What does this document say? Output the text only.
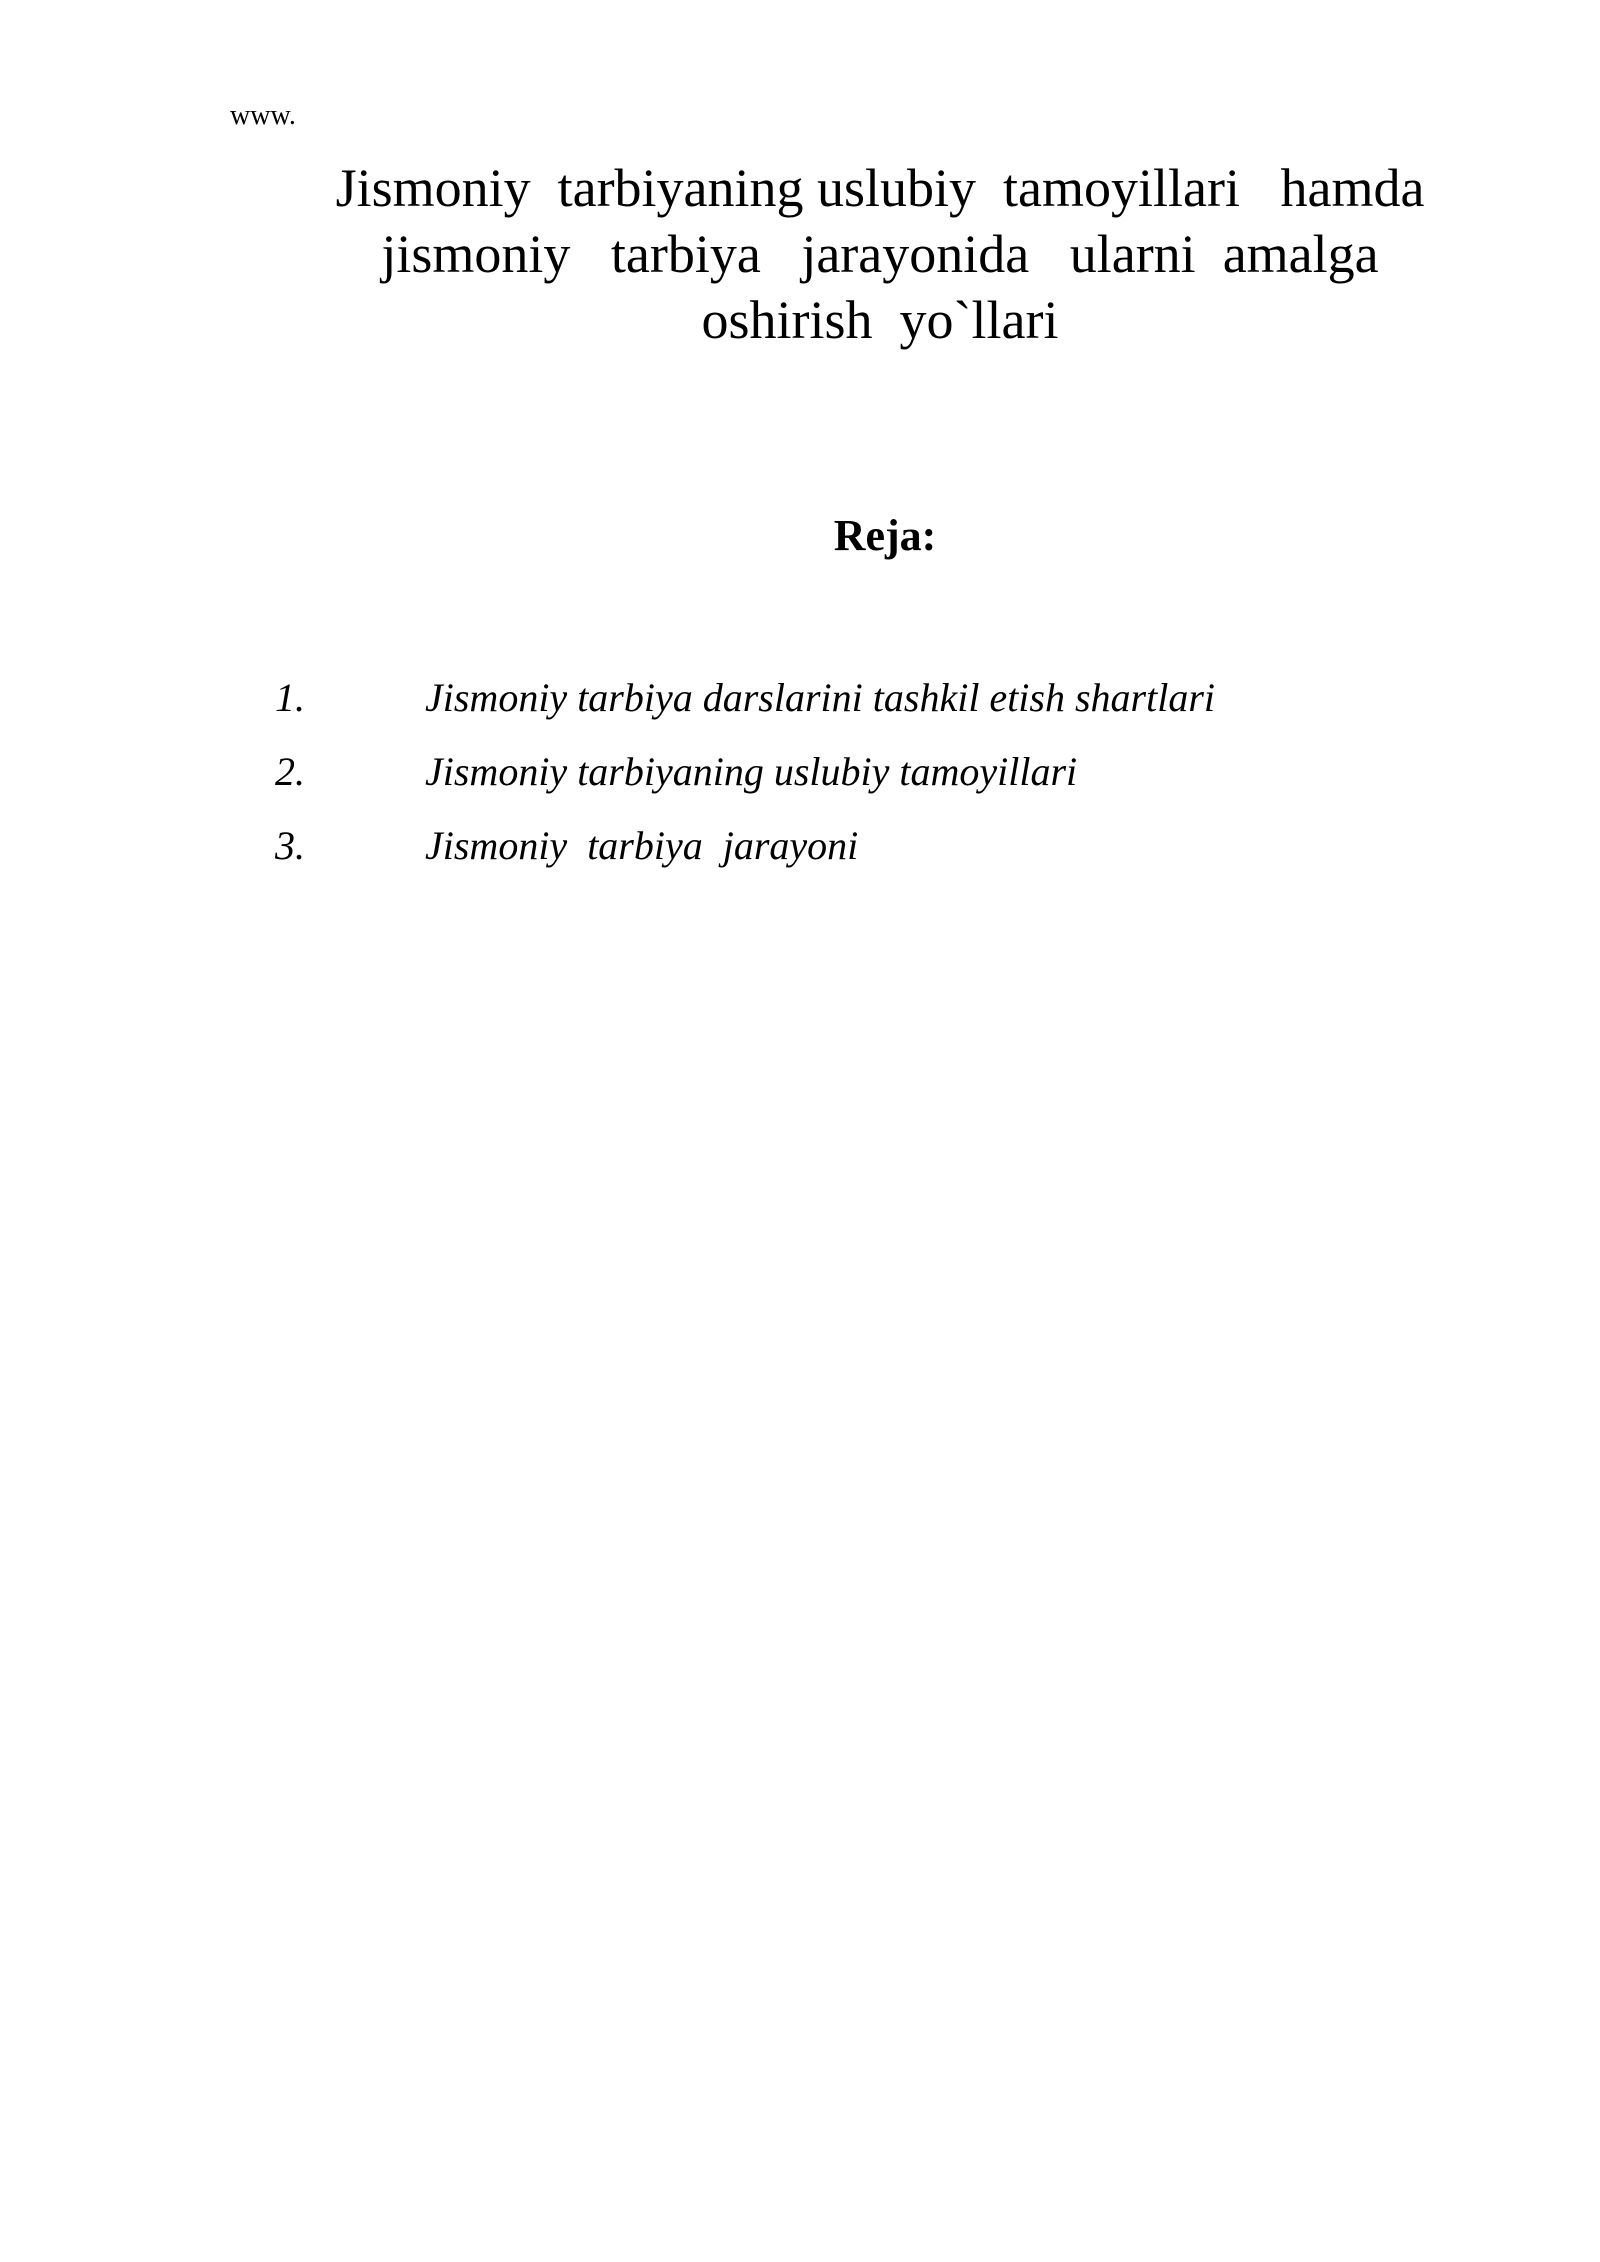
www.
Jismoniy  tarbiyaning uslubiy  tamoyillari   hamda
jismoniy   tarbiya   jarayonida   ularni  amalga
oshirish  yo`llari
Reja:

1.

	Jismoniy tarbiya darslarini tashkil etish shartlari

2.

	Jismoniy tarbiyaning uslubiy tamoyillari

3.

	Jismoniy  tarbiya  jarayoni
